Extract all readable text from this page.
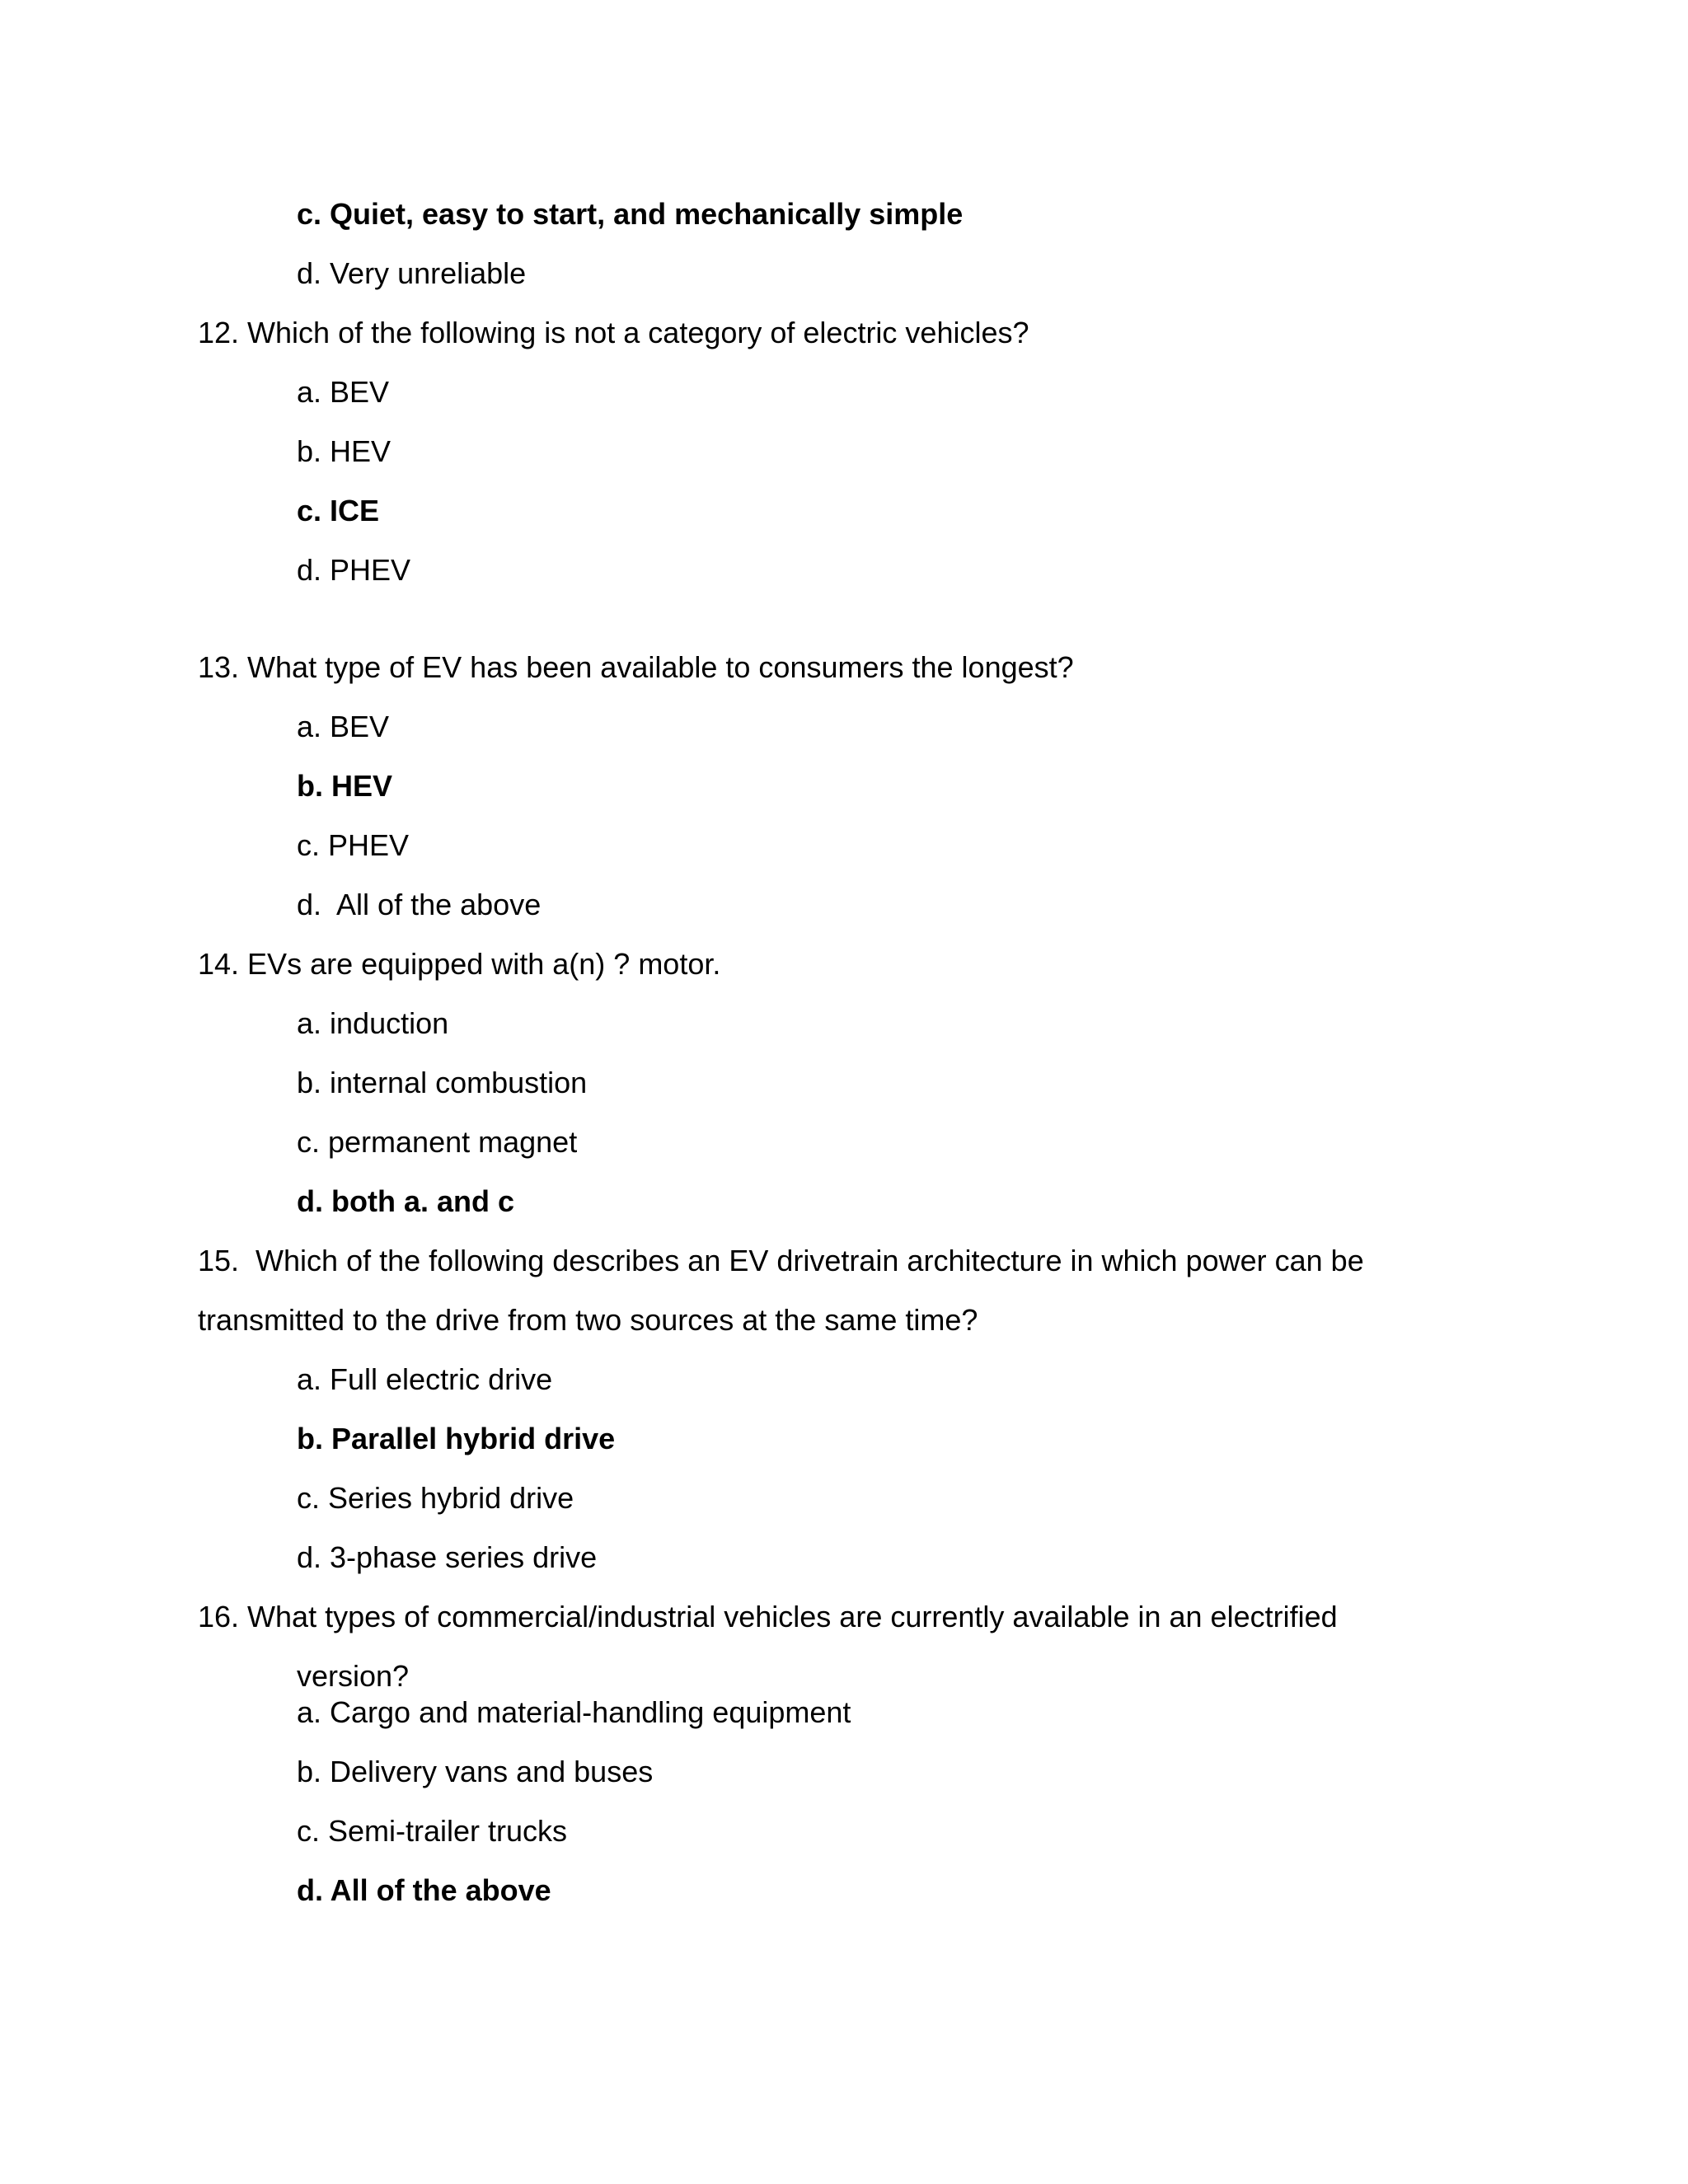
c. Quiet, easy to start, and mechanically simple
d. Very unreliable
12. Which of the following is not a category of electric vehicles?
a. BEV
b. HEV
c. ICE
d. PHEV
13. What type of EV has been available to consumers the longest?
a. BEV
b. HEV
c. PHEV
d.  All of the above
14. EVs are equipped with a(n) ? motor.
a. induction
b. internal combustion
c. permanent magnet
d. both a. and c
15.  Which of the following describes an EV drivetrain architecture in which power can be
transmitted to the drive from two sources at the same time?
a. Full electric drive
b. Parallel hybrid drive
c. Series hybrid drive
d. 3-phase series drive
16. What types of commercial/industrial vehicles are currently available in an electrified
version?
a. Cargo and material-handling equipment
b. Delivery vans and buses
c. Semi-trailer trucks
d. All of the above
